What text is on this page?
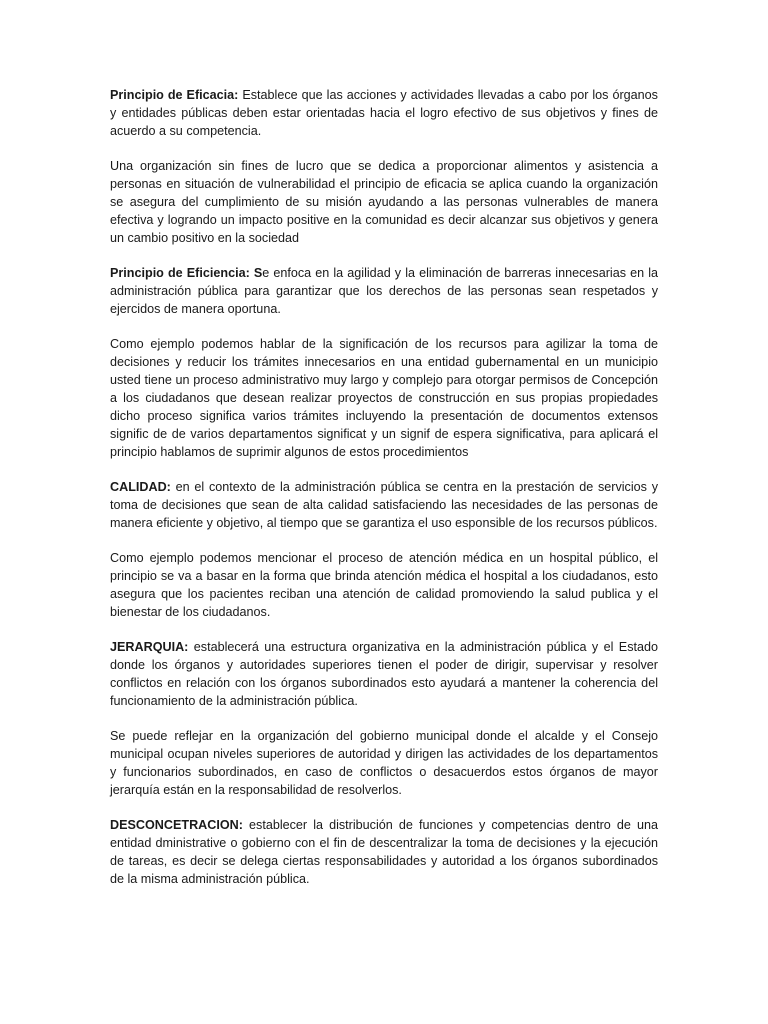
Principio de Eficacia: Establece que las acciones y actividades llevadas a cabo por los órganos y entidades públicas deben estar orientadas hacia el logro efectivo de sus objetivos y fines de acuerdo a su competencia.

Una organización sin fines de lucro que se dedica a proporcionar alimentos y asistencia a personas en situación de vulnerabilidad el principio de eficacia se aplica cuando la organización se asegura del cumplimiento de su misión ayudando a las personas vulnerables de manera efectiva y logrando un impacto positive en la comunidad es decir alcanzar sus objetivos y genera un cambio positivo en la sociedad

Principio de Eficiencia: Se enfoca en la agilidad y la eliminación de barreras innecesarias en la administración pública para garantizar que los derechos de las personas sean respetados y ejercidos de manera oportuna.

Como ejemplo podemos hablar de la significación de los recursos para agilizar la toma de decisiones y reducir los trámites innecesarios en una entidad gubernamental en un municipio usted tiene un proceso administrativo muy largo y complejo para otorgar permisos de Concepción a los ciudadanos que desean realizar proyectos de construcción en sus propias propiedades dicho proceso significa varios trámites incluyendo la presentación de documentos extensos signific de de varios departamentos significat y un signif de espera significativa, para aplicará el principio hablamos de suprimir algunos de estos procedimientos

CALIDAD: en el contexto de la administración pública se centra en la prestación de servicios y toma de decisiones que sean de alta calidad satisfaciendo las necesidades de las personas de manera eficiente y objetivo, al tiempo que se garantiza el uso esponsible de los recursos públicos.

Como ejemplo podemos mencionar el proceso de atención médica en un hospital público, el principio se va a basar en la forma que brinda atención médica el hospital a los ciudadanos, esto asegura que los pacientes reciban una atención de calidad promoviendo la salud publica y el bienestar de los ciudadanos.

JERARQUIA: establecerá una estructura organizativa en la administración pública y el Estado donde los órganos y autoridades superiores tienen el poder de dirigir, supervisar y resolver conflictos en relación con los órganos subordinados esto ayudará a mantener la coherencia del funcionamiento de la administración pública.

Se puede reflejar en la organización del gobierno municipal donde el alcalde y el Consejo municipal ocupan niveles superiores de autoridad y dirigen las actividades de los departamentos y funcionarios subordinados, en caso de conflictos o desacuerdos estos órganos de mayor jerarquía están en la responsabilidad de resolverlos.

DESCONCETRACION: establecer la distribución de funciones y competencias dentro de una entidad dministrative o gobierno con el fin de descentralizar la toma de decisiones y la ejecución de tareas, es decir se delega ciertas responsabilidades y autoridad a los órganos subordinados de la misma administración pública.
